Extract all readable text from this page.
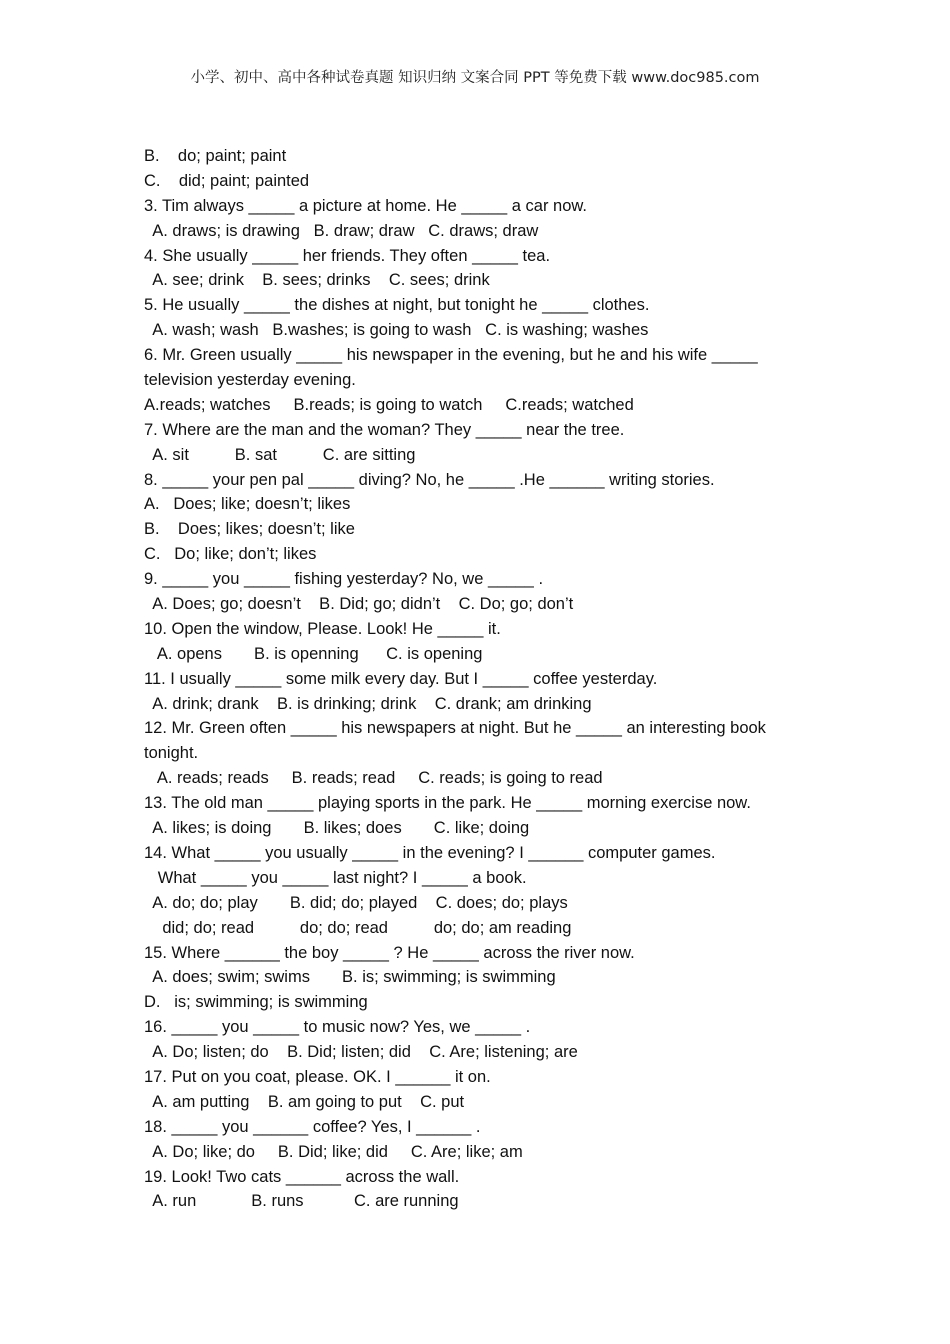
小学、初中、高中各种试卷真题 知识归纳 文案合同 PPT 等免费下载 www.doc985.com
B.    do; paint; paint
C.    did; paint; painted
3. Tim always _____ a picture at home. He _____ a car now.
A. draws; is drawing   B. draw; draw   C. draws; draw
4. She usually _____ her friends. They often _____ tea.
A. see; drink    B. sees; drinks    C. sees; drink
5. He usually _____ the dishes at night, but tonight he _____ clothes.
A. wash; wash   B.washes; is going to wash   C. is washing; washes
6. Mr. Green usually _____ his newspaper in the evening, but he and his wife _____
television yesterday evening.
A.reads; watches     B.reads; is going to watch     C.reads; watched
7. Where are the man and the woman? They _____ near the tree.
A. sit          B. sat          C. are sitting
8. _____ your pen pal _____ diving? No, he _____ .He ______ writing stories.
A.   Does; like; doesn’t; likes
B.    Does; likes; doesn’t; like
C.   Do; like; don’t; likes
9. _____ you _____ fishing yesterday? No, we _____ .
A. Does; go; doesn’t    B. Did; go; didn’t    C. Do; go; don’t
10. Open the window, Please. Look! He _____ it.
A. opens       B. is openning      C. is opening
11. I usually _____ some milk every day. But I _____ coffee yesterday.
A. drink; drank    B. is drinking; drink    C. drank; am drinking
12. Mr. Green often _____ his newspapers at night. But he _____ an interesting book
tonight.
A. reads; reads     B. reads; read     C. reads; is going to read
13. The old man _____ playing sports in the park. He _____ morning exercise now.
A. likes; is doing       B. likes; does       C. like; doing
14. What _____ you usually _____ in the evening? I ______ computer games.
What _____ you _____ last night? I _____ a book.
A. do; do; play       B. did; do; played    C. does; do; plays
did; do; read          do; do; read          do; do; am reading
15. Where ______ the boy _____ ? He _____ across the river now.
A. does; swim; swims       B. is; swimming; is swimming
D.   is; swimming; is swimming
16. _____ you _____ to music now? Yes, we _____ .
A. Do; listen; do    B. Did; listen; did    C. Are; listening; are
17. Put on you coat, please. OK. I ______ it on.
A. am putting    B. am going to put    C. put
18. _____ you ______ coffee? Yes, I ______ .
A. Do; like; do     B. Did; like; did     C. Are; like; am
19. Look! Two cats ______ across the wall.
A. run            B. runs           C. are running
